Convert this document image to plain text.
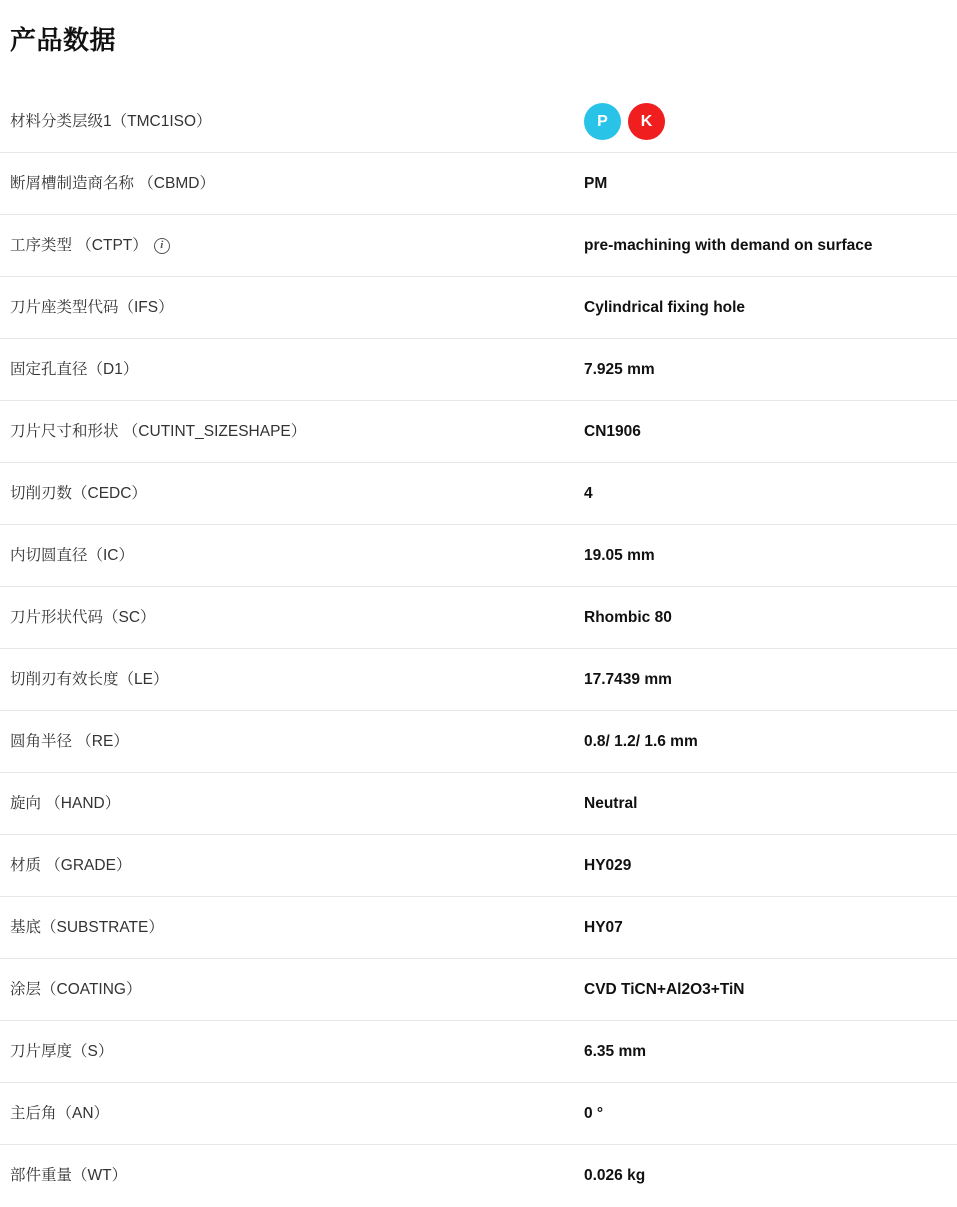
产品数据
材料分类层级1（TMC1ISO）	P	K
断屑槽制造商名称 （CBMD）	PM
工序类型 （CTPT）	i	pre-machining with demand on surface
刀片座类型代码（IFS）	Cylindrical fixing hole
固定孔直径（D1）	7.925 mm
刀片尺寸和形状 （CUTINT_SIZESHAPE）	CN1906
切削刃数（CEDC）	4
内切圆直径（IC）	19.05 mm
刀片形状代码（SC）	Rhombic 80
切削刃有效长度（LE）	17.7439 mm
圆角半径 （RE）	0.8/ 1.2/ 1.6 mm
旋向 （HAND）	Neutral
材质 （GRADE）	HY029
基底（SUBSTRATE）	HY07
涂层（COATING）	CVD TiCN+Al2O3+TiN
刀片厚度（S）	6.35 mm
主后角（AN）	0 °
部件重量（WT）	0.026 kg
